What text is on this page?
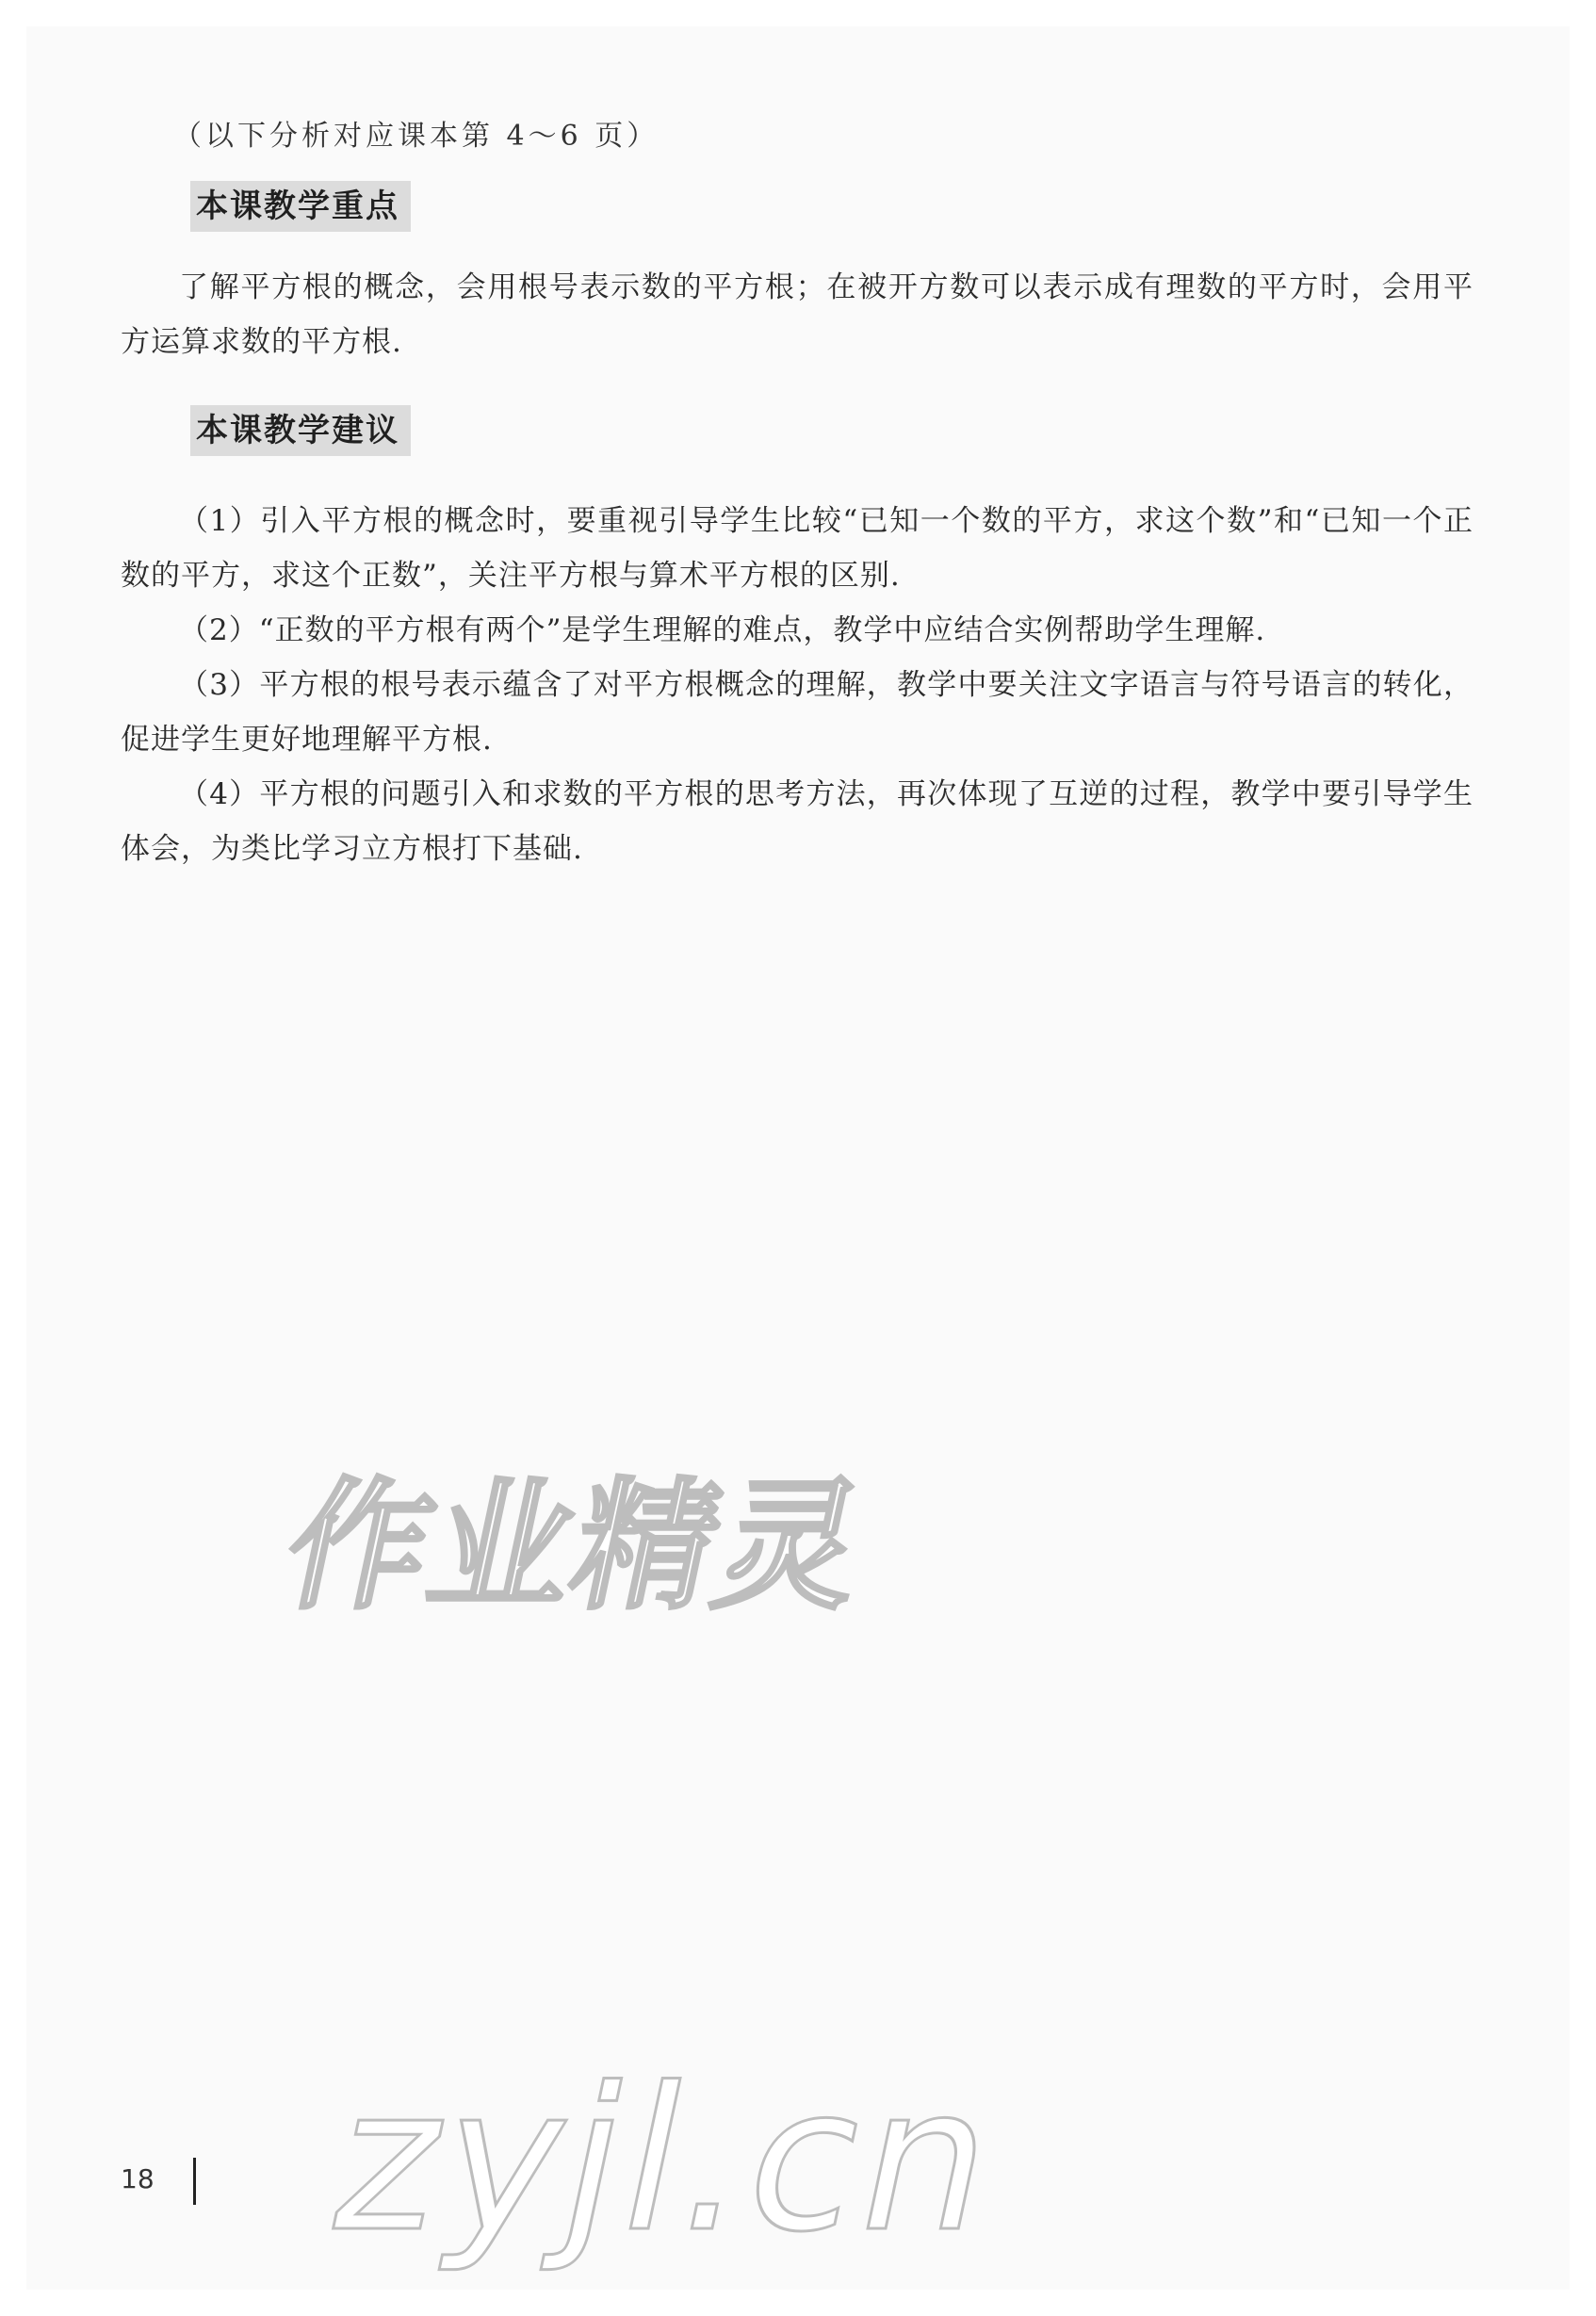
（以下分析对应课本第 4～6 页）
本课教学重点

了解平方根的概念，会用根号表示数的平方根；在被开方数可以表示成有理数的平方时，会用平方运算求数的平方根.

本课教学建议

（1）引入平方根的概念时，要重视引导学生比较“已知一个数的平方，求这个数”和“已知一个正数的平方，求这个正数”，关注平方根与算术平方根的区别.

（2）“正数的平方根有两个”是学生理解的难点，教学中应结合实例帮助学生理解.

（3）平方根的根号表示蕴含了对平方根概念的理解，教学中要关注文字语言与符号语言的转化，促进学生更好地理解平方根.

（4）平方根的问题引入和求数的平方根的思考方法，再次体现了互逆的过程，教学中要引导学生体会，为类比学习立方根打下基础.

作业精灵
zyjl.cn
18
